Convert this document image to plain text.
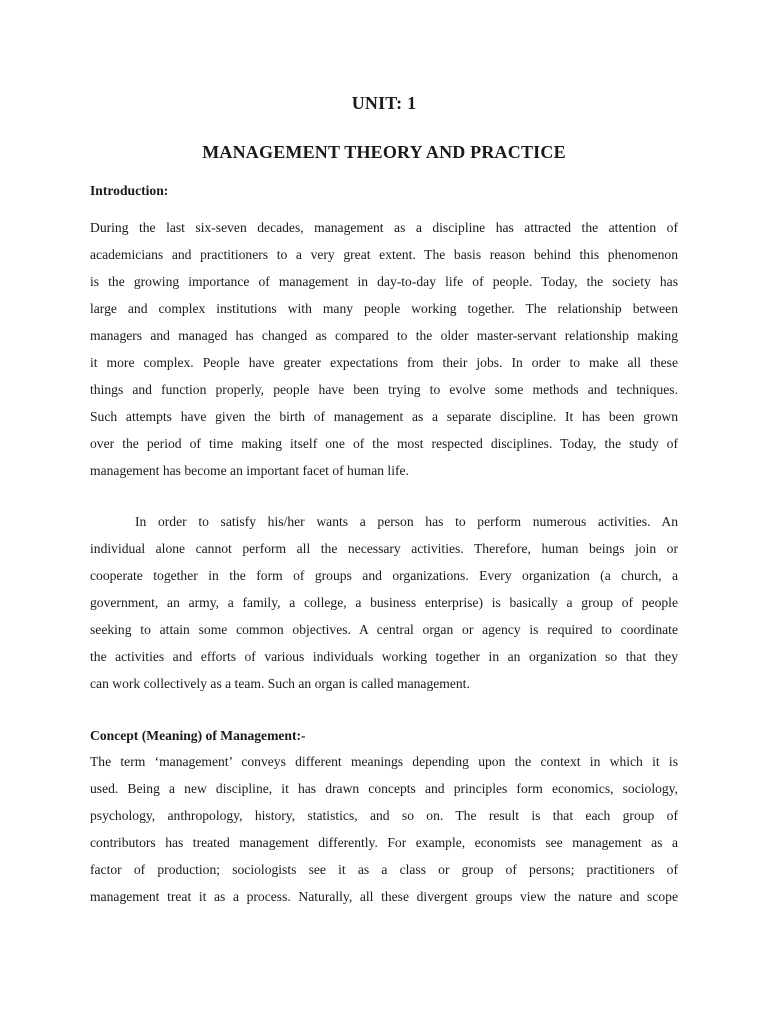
UNIT: 1
MANAGEMENT THEORY AND PRACTICE
Introduction:
During the last six-seven decades, management as a discipline has attracted the attention of
academicians and practitioners to a very great extent. The basis reason behind this phenomenon
is the growing importance of management in day-to-day life of people. Today, the society has
large and complex institutions with many people working together. The relationship between
managers and managed has changed as compared to the older master-servant relationship making
it more complex. People have greater expectations from their jobs. In order to make all these
things and function properly, people have been trying to evolve some methods and techniques.
Such attempts have given the birth of management as a separate discipline. It has been grown
over the period of time making itself one of the most respected disciplines. Today, the study of
management has become an important facet of human life.
In order to satisfy his/her wants a person has to perform numerous activities. An
individual alone cannot perform all the necessary activities. Therefore, human beings join or
cooperate together in the form of groups and organizations. Every organization (a church, a
government, an army, a family, a college, a business enterprise) is basically a group of people
seeking to attain some common objectives. A central organ or agency is required to coordinate
the activities and efforts of various individuals working together in an organization so that they
can work collectively as a team. Such an organ is called management.
Concept (Meaning) of Management:-
The term ‘management’ conveys different meanings depending upon the context in which it is
used. Being a new discipline, it has drawn concepts and principles form economics, sociology,
psychology, anthropology, history, statistics, and so on. The result is that each group of
contributors has treated management differently. For example, economists see management as a
factor of production; sociologists see it as a class or group of persons; practitioners of
management treat it as a process. Naturally, all these divergent groups view the nature and scope
